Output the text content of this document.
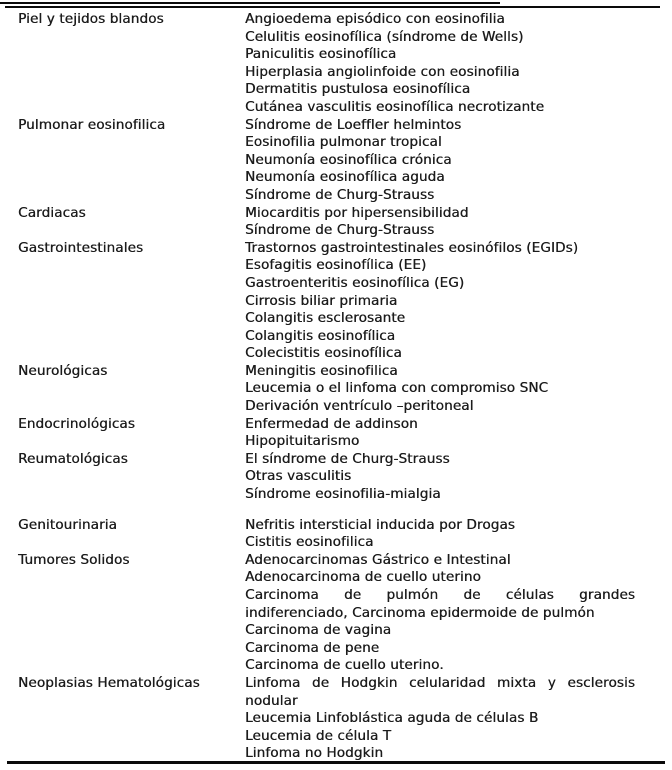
Piel y tejidos blandos	Angioedema episódico con eosinofilia
Celulitis eosinofílica (síndrome de Wells)
Paniculitis eosinofílica
Hiperplasia angiolinfoide con eosinofilia
Dermatitis pustulosa eosinofílica
Cutánea vasculitis eosinofílica necrotizante
Pulmonar eosinofilica	Síndrome de Loeffler helmintos
Eosinofilia pulmonar tropical
Neumonía eosinofílica crónica
Neumonía eosinofílica aguda
Síndrome de Churg-Strauss
Cardiacas	Miocarditis por hipersensibilidad
Síndrome de Churg-Strauss
Gastrointestinales	Trastornos gastrointestinales eosinófilos (EGIDs)
Esofagitis eosinofílica (EE)
Gastroenteritis eosinofílica (EG)
Cirrosis biliar primaria
Colangitis esclerosante
Colangitis eosinofílica
Colecistitis eosinofílica
Neurológicas	Meningitis eosinofilica
Leucemia o el linfoma con compromiso SNC
Derivación ventrículo –peritoneal
Endocrinológicas	Enfermedad de addinson
Hipopituitarismo
Reumatológicas	El síndrome de Churg-Strauss
Otras vasculitis
Síndrome eosinofilia-mialgia
Genitourinaria	Nefritis intersticial inducida por Drogas
Cistitis eosinofilica
Tumores Solidos	Adenocarcinomas Gástrico e Intestinal
Adenocarcinoma de cuello uterino
Carcinoma de pulmón de células grandes
indiferenciado, Carcinoma epidermoide de pulmón
Carcinoma de vagina
Carcinoma de pene
Carcinoma de cuello uterino.
Neoplasias Hematológicas	Linfoma de Hodgkin celularidad mixta y esclerosis
nodular
Leucemia Linfoblástica aguda de células B
Leucemia de célula T
Linfoma no Hodgkin
